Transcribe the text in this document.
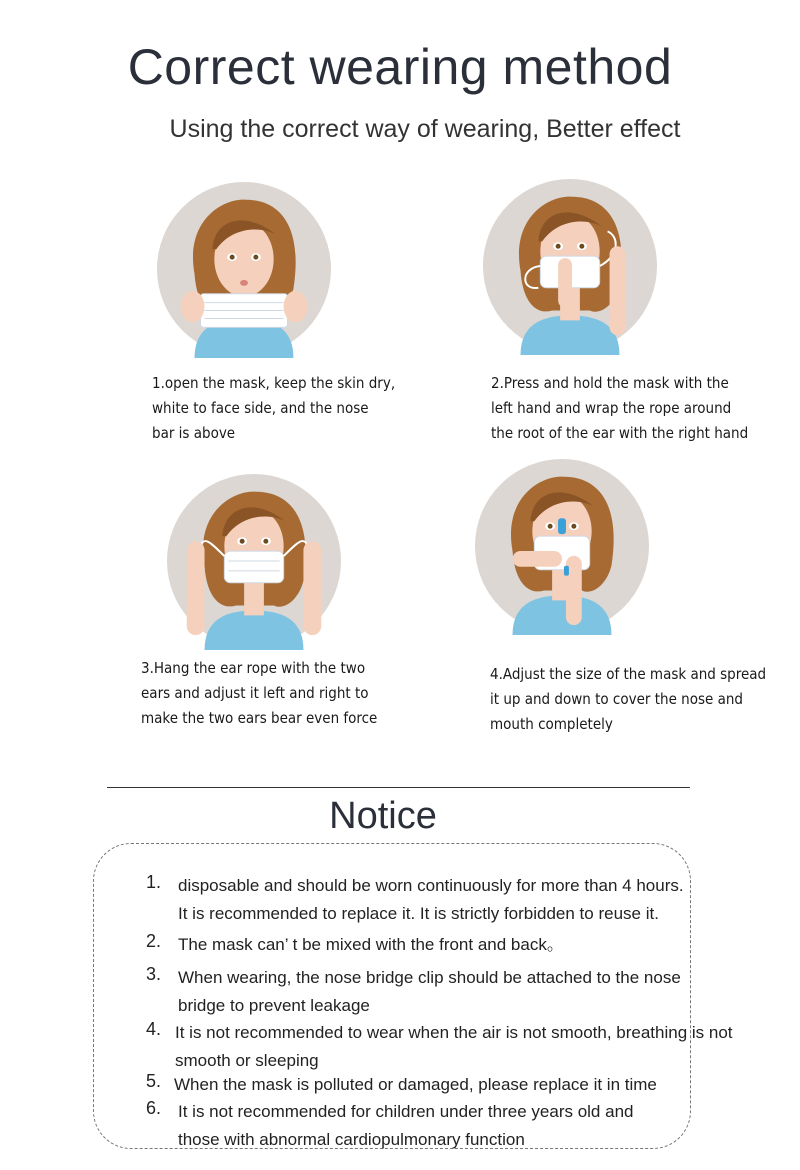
Correct wearing method
Using the correct way of wearing, Better effect
1.open the mask, keep the skin dry,
white to face side, and the nose
bar is above
2.Press and hold the mask with the
left hand and wrap the rope around
the root of the ear with the right hand
3.Hang the ear rope with the two
ears and adjust it left and right to
make the two ears bear even force
4.Adjust the size of the mask and spread
it up and down to cover the nose and
mouth completely
Notice
1. disposable and should be worn continuously for more than 4 hours.
It is recommended to replace it. It is strictly forbidden to reuse it.
2. The mask can’ t be mixed with the front and back。
3. When wearing, the nose bridge clip should be attached to the nose
bridge to prevent leakage
4. It is not recommended to wear when the air is not smooth, breathing is not
smooth or sleeping
5. When the mask is polluted or damaged, please replace it in time
6. It is not recommended for children under three years old and
those with abnormal cardiopulmonary function
